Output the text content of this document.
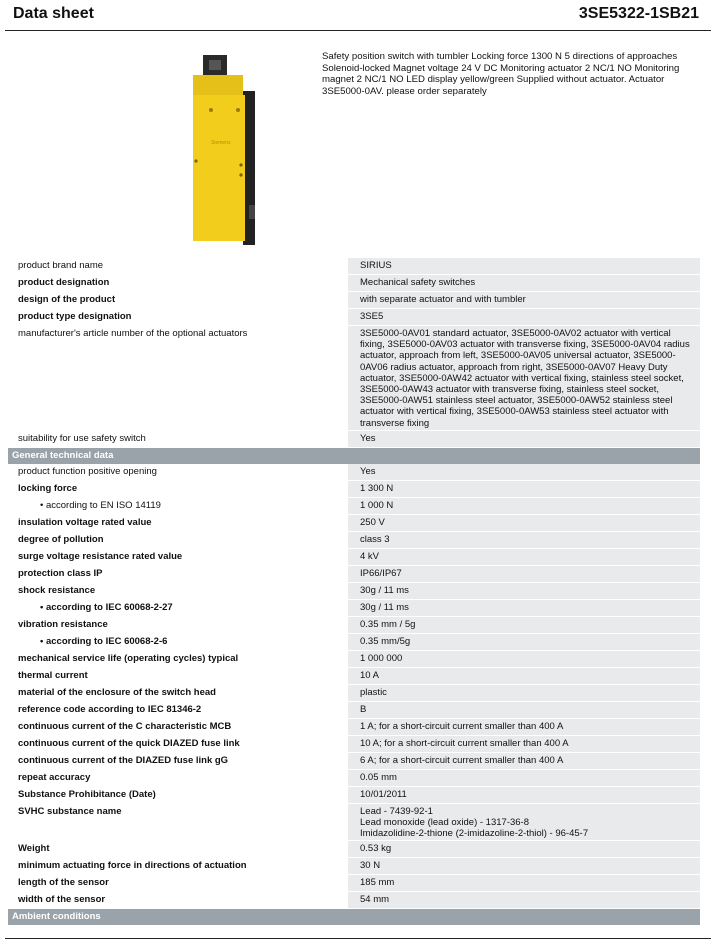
Data sheet	3SE5322-1SB21
Siemens
Safety position switch with tumbler Locking force 1300 N 5 directions of approaches Solenoid-locked Magnet voltage 24 V DC Monitoring actuator 2 NC/1 NO Monitoring magnet 2 NC/1 NO LED display yellow/green Supplied without actuator. Actuator 3SE5000-0AV. please order separately
product brand name	SIRIUS
product designation	Mechanical safety switches
design of the product	with separate actuator and with tumbler
product type designation	3SE5
manufacturer's article number of the optional actuators	3SE5000-0AV01 standard actuator, 3SE5000-0AV02 actuator with vertical fixing, 3SE5000-0AV03 actuator with transverse fixing, 3SE5000-0AV04 radius actuator, approach from left, 3SE5000-0AV05 universal actuator, 3SE5000-0AV06 radius actuator, approach from right, 3SE5000-0AV07 Heavy Duty actuator, 3SE5000-0AW42 actuator with vertical fixing, stainless steel socket, 3SE5000-0AW43 actuator with transverse fixing, stainless steel socket, 3SE5000-0AW51 stainless steel actuator, 3SE5000-0AW52 stainless steel actuator with vertical fixing, 3SE5000-0AW53 stainless steel actuator with transverse fixing
suitability for use safety switch	Yes
General technical data	
product function positive opening	Yes
locking force	1 300 N
• according to EN ISO 14119	1 000 N
insulation voltage rated value	250 V
degree of pollution	class 3
surge voltage resistance rated value	4 kV
protection class IP	IP66/IP67
shock resistance	30g / 11 ms
• according to IEC 60068-2-27	30g / 11 ms
vibration resistance	0.35 mm / 5g
• according to IEC 60068-2-6	0.35 mm/5g
mechanical service life (operating cycles) typical	1 000 000
thermal current	10 A
material of the enclosure of the switch head	plastic
reference code according to IEC 81346-2	B
continuous current of the C characteristic MCB	1 A; for a short-circuit current smaller than 400 A
continuous current of the quick DIAZED fuse link	10 A; for a short-circuit current smaller than 400 A
continuous current of the DIAZED fuse link gG	6 A; for a short-circuit current smaller than 400 A
repeat accuracy	0.05 mm
Substance Prohibitance (Date)	10/01/2011
SVHC substance name	Lead - 7439-92-1
Lead monoxide (lead oxide) - 1317-36-8
Imidazolidine-2-thione (2-imidazoline-2-thiol) - 96-45-7
Weight	0.53 kg
minimum actuating force in directions of actuation	30 N
length of the sensor	185 mm
width of the sensor	54 mm
Ambient conditions	
